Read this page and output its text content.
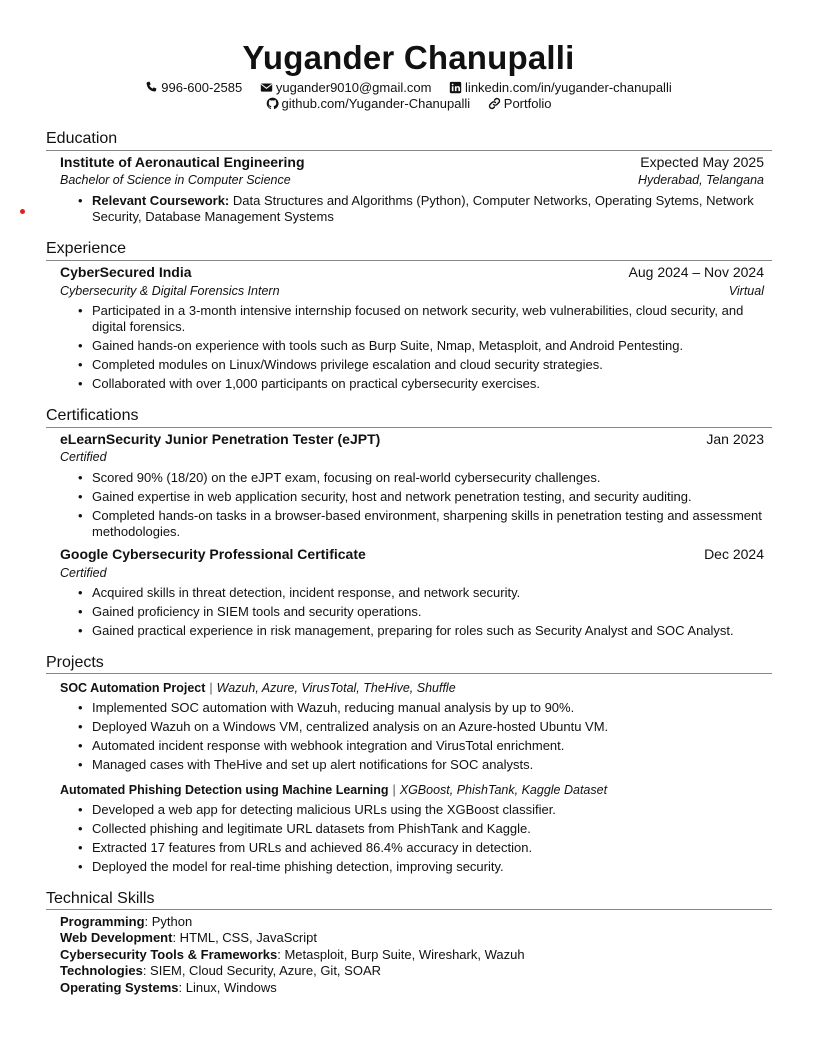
Yugander Chanupalli
996-600-2585	yugander9010@gmail.com	linkedin.com/in/yugander-chanupalli
github.com/Yugander-Chanupalli	Portfolio
Education
Institute of Aeronautical Engineering	Expected May 2025
Bachelor of Science in Computer Science	Hyderabad, Telangana
• Relevant Coursework: Data Structures and Algorithms (Python), Computer Networks, Operating Sytems, Network
Security, Database Management Systems
Experience
CyberSecured India	Aug 2024 – Nov 2024
Cybersecurity & Digital Forensics Intern	Virtual
• Participated in a 3-month intensive internship focused on network security, web vulnerabilities, cloud security, and digital forensics.
• Gained hands-on experience with tools such as Burp Suite, Nmap, Metasploit, and Android Pentesting.
• Completed modules on Linux/Windows privilege escalation and cloud security strategies.
• Collaborated with over 1,000 participants on practical cybersecurity exercises.
Certifications
eLearnSecurity Junior Penetration Tester (eJPT)	Jan 2023
Certified
• Scored 90% (18/20) on the eJPT exam, focusing on real-world cybersecurity challenges.
• Gained expertise in web application security, host and network penetration testing, and security auditing.
• Completed hands-on tasks in a browser-based environment, sharpening skills in penetration testing and assessment methodologies.
Google Cybersecurity Professional Certificate	Dec 2024
Certified
• Acquired skills in threat detection, incident response, and network security.
• Gained proficiency in SIEM tools and security operations.
• Gained practical experience in risk management, preparing for roles such as Security Analyst and SOC Analyst.
Projects
SOC Automation Project | Wazuh, Azure, VirusTotal, TheHive, Shuffle
• Implemented SOC automation with Wazuh, reducing manual analysis by up to 90%.
• Deployed Wazuh on a Windows VM, centralized analysis on an Azure-hosted Ubuntu VM.
• Automated incident response with webhook integration and VirusTotal enrichment.
• Managed cases with TheHive and set up alert notifications for SOC analysts.
Automated Phishing Detection using Machine Learning | XGBoost, PhishTank, Kaggle Dataset
• Developed a web app for detecting malicious URLs using the XGBoost classifier.
• Collected phishing and legitimate URL datasets from PhishTank and Kaggle.
• Extracted 17 features from URLs and achieved 86.4% accuracy in detection.
• Deployed the model for real-time phishing detection, improving security.
Technical Skills
Programming: Python
Web Development: HTML, CSS, JavaScript
Cybersecurity Tools & Frameworks: Metasploit, Burp Suite, Wireshark, Wazuh
Technologies: SIEM, Cloud Security, Azure, Git, SOAR
Operating Systems: Linux, Windows
